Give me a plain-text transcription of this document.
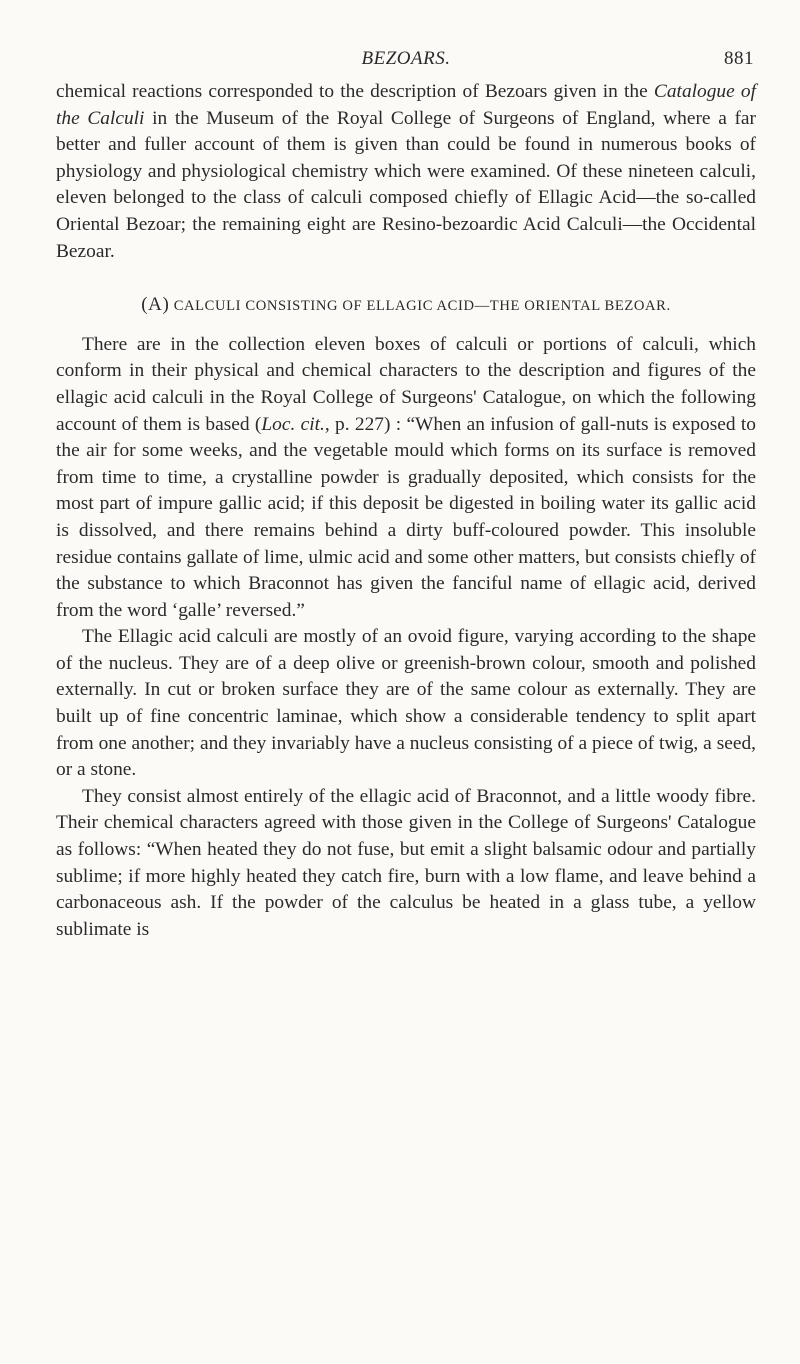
BEZOARS.	881

chemical reactions corresponded to the description of Bezoars given in the Catalogue of the Calculi in the Museum of the Royal College of Surgeons of England, where a far better and fuller account of them is given than could be found in numerous books of physiology and physiological chemistry which were examined. Of these nineteen calculi, eleven belonged to the class of calculi composed chiefly of Ellagic Acid—the so-called Oriental Bezoar; the remaining eight are Resino-bezoardic Acid Calculi—the Occidental Bezoar.

(A) CALCULI CONSISTING OF ELLAGIC ACID—THE ORIENTAL BEZOAR.

There are in the collection eleven boxes of calculi or portions of calculi, which conform in their physical and chemical characters to the description and figures of the ellagic acid calculi in the Royal College of Surgeons' Catalogue, on which the following account of them is based (Loc. cit., p. 227) : “When an infusion of gall-nuts is exposed to the air for some weeks, and the vegetable mould which forms on its surface is removed from time to time, a crystalline powder is gradually deposited, which consists for the most part of impure gallic acid; if this deposit be digested in boiling water its gallic acid is dissolved, and there remains behind a dirty buff-coloured powder. This insoluble residue contains gallate of lime, ulmic acid and some other matters, but consists chiefly of the substance to which Braconnot has given the fanciful name of ellagic acid, derived from the word ‘galle’ reversed.”

The Ellagic acid calculi are mostly of an ovoid figure, varying according to the shape of the nucleus. They are of a deep olive or greenish-brown colour, smooth and polished externally. In cut or broken surface they are of the same colour as externally. They are built up of fine concentric laminae, which show a considerable tendency to split apart from one another; and they invariably have a nucleus consisting of a piece of twig, a seed, or a stone.

They consist almost entirely of the ellagic acid of Braconnot, and a little woody fibre. Their chemical characters agreed with those given in the College of Surgeons' Catalogue as follows: “When heated they do not fuse, but emit a slight balsamic odour and partially sublime; if more highly heated they catch fire, burn with a low flame, and leave behind a carbonaceous ash. If the powder of the calculus be heated in a glass tube, a yellow sublimate is
